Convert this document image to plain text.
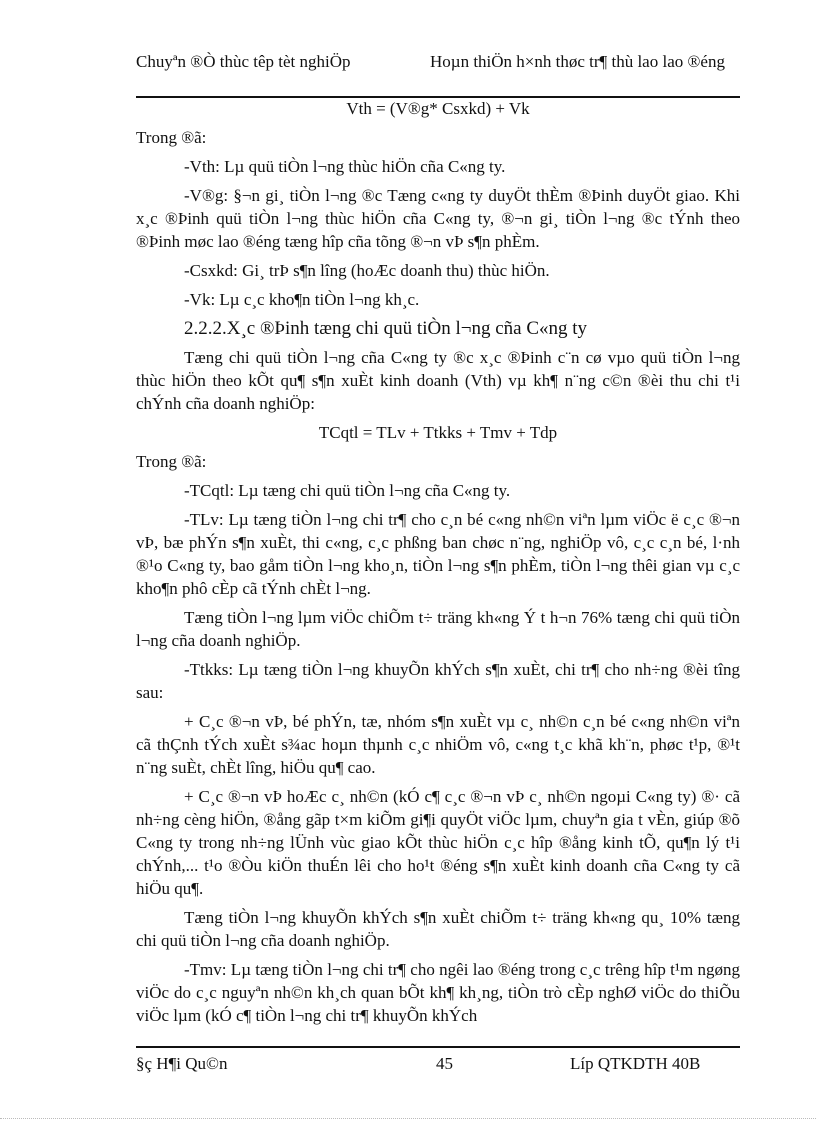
Chuyªn ®Ò thùc têp tèt nghiÖp	Hoµn thiÖn h×nh thøc tr¶ thù lao lao ®éng

Vth = (V®g* Csxkd) + Vk

Trong ®ã:

-Vth: Lµ quü tiÒn l¬ng thùc hiÖn cña C«ng ty.

-V®g: §¬n gi¸ tiÒn l¬ng ®c Tæng c«ng ty duyÖt thÈm ®Þinh duyÖt giao. Khi x¸c ®Þinh quü tiÒn l¬ng thùc hiÖn cña C«ng ty, ®¬n gi¸ tiÒn l¬ng ®c tÝnh theo ®Þinh møc lao ®éng tæng hîp cña tõng ®¬n vÞ s¶n phÈm.

-Csxkd: Gi¸ trÞ s¶n lîng (hoÆc doanh thu) thùc hiÖn.

-Vk: Lµ c¸c kho¶n tiÒn l¬ng kh¸c.

2.2.2.X¸c ®Þinh tæng chi quü tiÒn l¬ng cña C«ng ty

Tæng chi quü tiÒn l¬ng cña C«ng ty ®c x¸c ®Þinh c¨n cø vµo quü tiÒn l¬ng thùc hiÖn theo kÕt qu¶ s¶n xuÈt kinh doanh (Vth) vµ kh¶ n¨ng c©n ®èi thu chi t¹i chÝnh cña doanh nghiÖp:

TCqtl = TLv + Ttkks + Tmv + Tdp

Trong ®ã:

-TCqtl: Lµ tæng chi quü tiÒn l¬ng cña C«ng ty.

-TLv: Lµ tæng tiÒn l¬ng chi tr¶ cho c¸n bé c«ng nh©n viªn lµm viÖc ë c¸c ®¬n vÞ, bæ phÝn s¶n xuÈt, thi c«ng, c¸c phßng ban chøc n¨ng, nghiÖp vô, c¸c c¸n bé, l·nh ®¹o C«ng ty, bao gåm tiÒn l¬ng kho¸n, tiÒn l¬ng s¶n phÈm, tiÒn l¬ng thêi gian vµ c¸c kho¶n phô cÈp cã tÝnh chÈt l¬ng.

Tæng tiÒn l¬ng lµm viÖc chiÕm t÷ träng kh«ng Ý t h¬n 76% tæng chi quü tiÒn l¬ng cña doanh nghiÖp.

-Ttkks: Lµ tæng tiÒn l¬ng khuyÕn khÝch s¶n xuÈt, chi tr¶ cho nh÷ng ®èi tîng sau:

+ C¸c ®¬n vÞ, bé phÝn, tæ, nhóm s¶n xuÈt vµ c¸ nh©n c¸n bé c«ng nh©n viªn cã thÇnh tÝch xuÈt s¾ac hoµn thµnh c¸c nhiÖm vô, c«ng t¸c khã kh¨n, phøc t¹p, ®¹t n¨ng suÈt, chÈt lîng, hiÖu qu¶ cao.

+ C¸c ®¬n vÞ hoÆc c¸ nh©n (kÓ c¶ c¸c ®¬n vÞ c¸ nh©n ngoµi C«ng ty) ®· cã nh÷ng cèng hiÖn, ®ång gãp t×m kiÕm gi¶i quyÖt viÖc lµm, chuyªn gia t vÈn, giúp ®õ C«ng ty trong nh÷ng lÜnh vùc giao kÕt thùc hiÖn c¸c hîp ®ång kinh tÕ, qu¶n lý t¹i chÝnh,... t¹o ®Òu kiÖn thuÉn lêi cho ho¹t ®éng s¶n xuÈt kinh doanh cña C«ng ty cã hiÖu qu¶.

Tæng tiÒn l¬ng khuyÕn khÝch s¶n xuÈt chiÕm t÷ träng kh«ng qu¸ 10% tæng chi quü tiÒn l¬ng cña doanh nghiÖp.

-Tmv: Lµ tæng tiÒn l¬ng chi tr¶ cho ngêi lao ®éng trong c¸c trêng hîp t¹m ngøng viÖc do c¸c nguyªn nh©n kh¸ch quan bÕt kh¶ kh¸ng, tiÒn trò cÈp nghØ viÖc do thiÕu viÖc lµm (kÓ c¶ tiÒn l¬ng chi tr¶ khuyÕn khÝch

§ç H¶i Qu©n	45	Líp QTKDTH 40B
